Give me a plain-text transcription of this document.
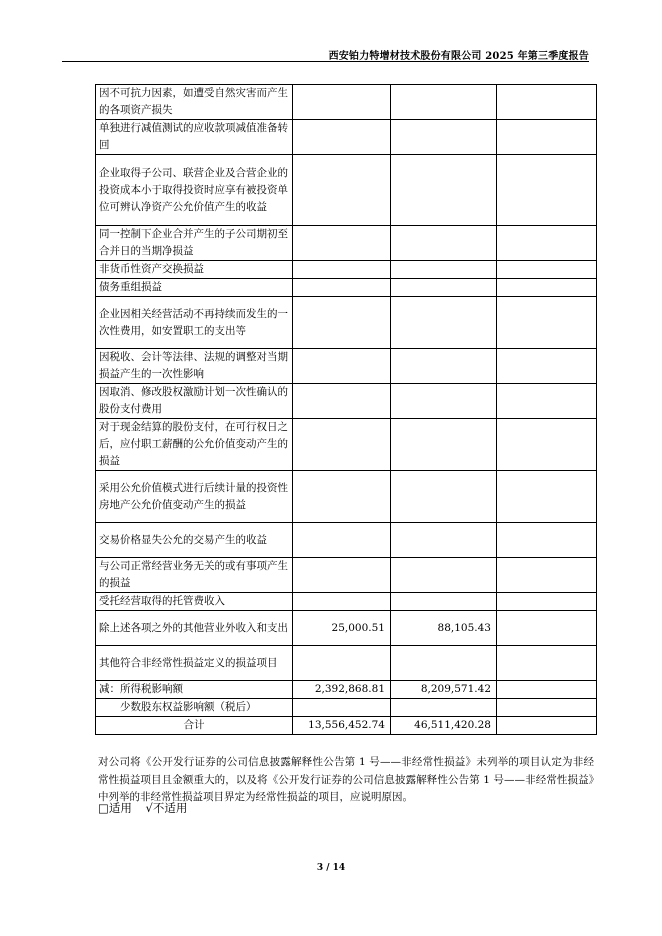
西安铂力特增材技术股份有限公司 2025 年第三季度报告
因不可抗力因素，如遭受自然灾害而产生的各项资产损失			
单独进行减值测试的应收款项减值准备转回			
企业取得子公司、联营企业及合营企业的投资成本小于取得投资时应享有被投资单位可辨认净资产公允价值产生的收益			
同一控制下企业合并产生的子公司期初至合并日的当期净损益			
非货币性资产交换损益			
债务重组损益			
企业因相关经营活动不再持续而发生的一次性费用，如安置职工的支出等			
因税收、会计等法律、法规的调整对当期损益产生的一次性影响			
因取消、修改股权激励计划一次性确认的股份支付费用			
对于现金结算的股份支付，在可行权日之后，应付职工薪酬的公允价值变动产生的损益			
采用公允价值模式进行后续计量的投资性房地产公允价值变动产生的损益			
交易价格显失公允的交易产生的收益			
与公司正常经营业务无关的或有事项产生的损益			
受托经营取得的托管费收入			
除上述各项之外的其他营业外收入和支出	25,000.51	88,105.43	
其他符合非经常性损益定义的损益项目			
减：所得税影响额	2,392,868.81	8,209,571.42	
少数股东权益影响额（税后）			
合计	13,556,452.74	46,511,420.28	
对公司将《公开发行证券的公司信息披露解释性公告第 1 号——非经常性损益》未列举的项目认定为非经常性损益项目且金额重大的，以及将《公开发行证券的公司信息披露解释性公告第 1 号——非经常性损益》中列举的非经常性损益项目界定为经常性损益的项目，应说明原因。
□适用 √不适用
3 / 14
